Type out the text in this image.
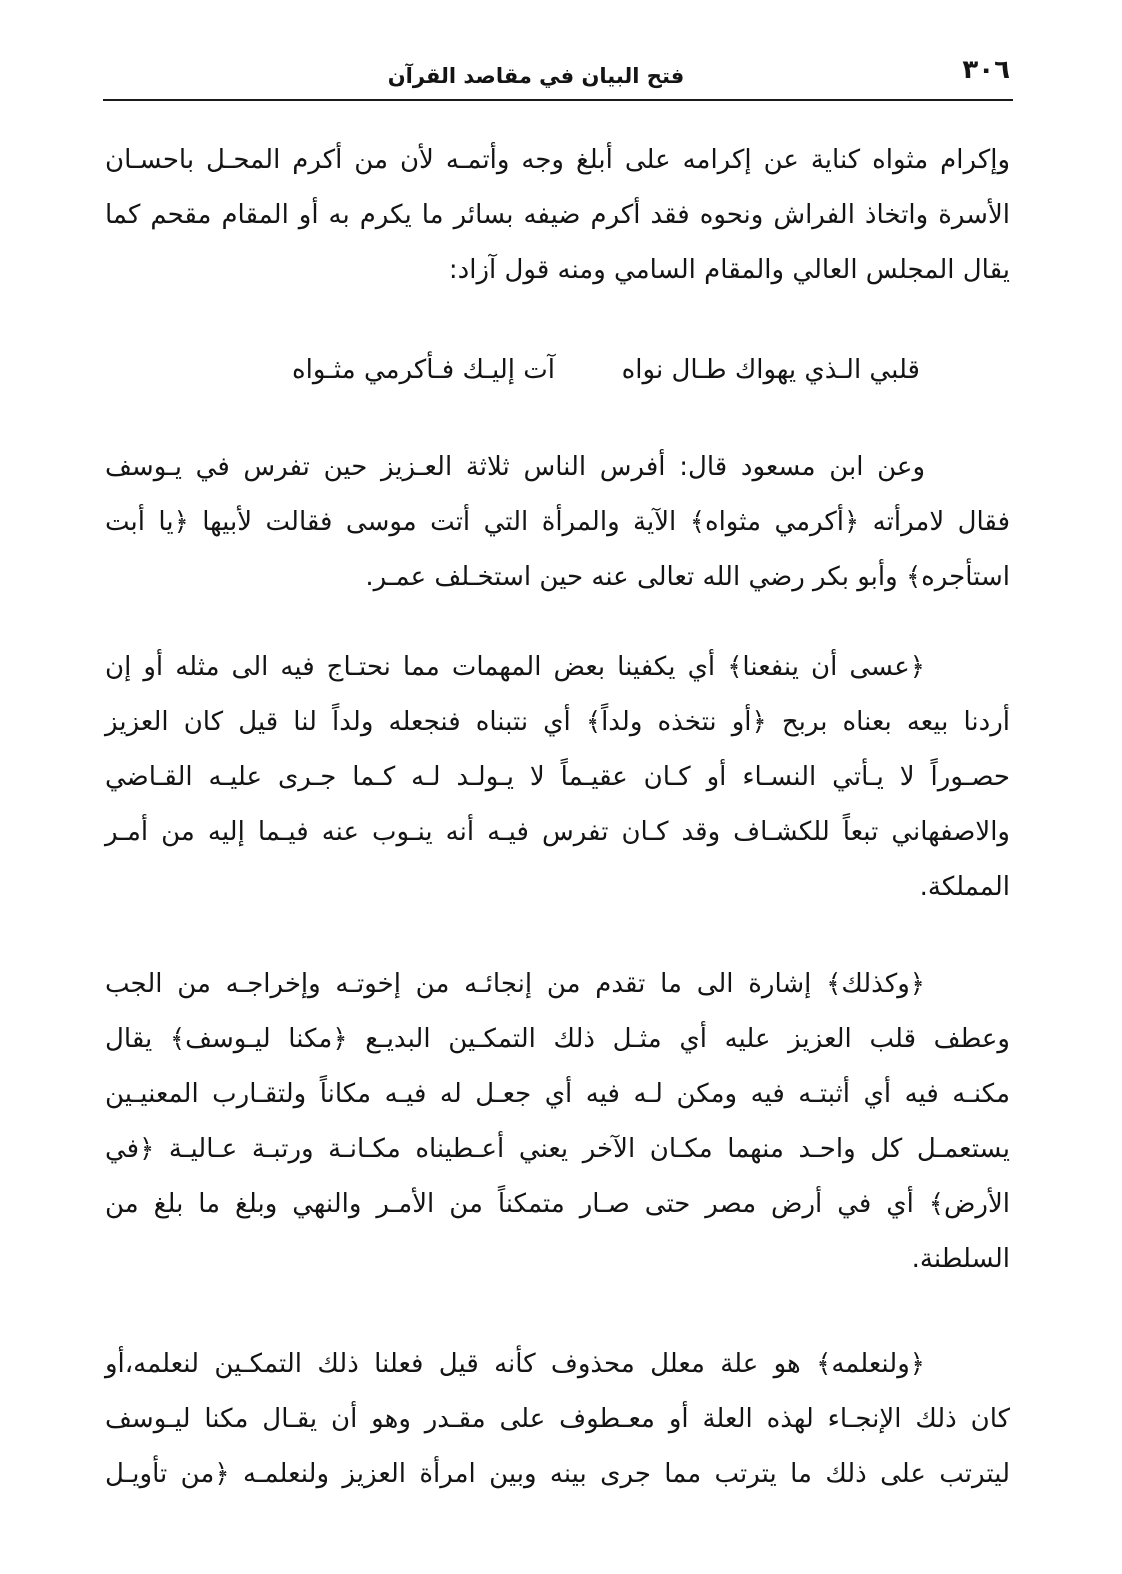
٣٠٦
فتح البيان في مقاصد القرآن
وإكرام مثواه كناية عن إكرامه على أبلغ وجه وأتمـه لأن من أكرم المحـل باحسـان
الأسرة واتخاذ الفراش ونحوه فقد أكرم ضيفه بسائر ما يكرم به أو المقام مقحم كما
يقال المجلس العالي والمقام السامي ومنه قول آزاد:
قلبي الـذي يهواك طـال نواه
آت إليـك فـأكرمي مثـواه
وعن ابن مسعود قال: أفرس الناس ثلاثة العـزيز حين تفرس في يـوسف
فقال لامرأته ﴿أكرمي مثواه﴾ الآية والمرأة التي أتت موسى فقالت لأبيها ﴿يا أبت
استأجره﴾ وأبو بكر رضي الله تعالى عنه حين استخـلف عمـر.
﴿عسى أن ينفعنا﴾ أي يكفينا بعض المهمات مما نحتـاج فيه الى مثله أو إن
أردنا بيعه بعناه بربح ﴿أو نتخذه ولداً﴾ أي نتبناه فنجعله ولداً لنا قيل كان العزيز
حصـوراً لا يـأتي النسـاء أو كـان عقيـماً لا يـولـد لـه كـما جـرى عليـه القـاضي
والاصفهاني تبعاً للكشـاف وقد كـان تفرس فيـه أنه ينـوب عنه فيـما إليه من أمـر
المملكة.
﴿وكذلك﴾ إشارة الى ما تقدم من إنجائـه من إخوتـه وإخراجـه من الجب
وعطف قلب العزيز عليه أي مثـل ذلك التمكـين البديـع ﴿مكنا ليـوسف﴾ يقال
مكنـه فيه أي أثبتـه فيه ومكن لـه فيه أي جعـل له فيـه مكاناً ولتقـارب المعنيـين
يستعمـل كل واحـد منهما مكـان الآخر يعني أعـطيناه مكـانـة ورتبـة عـاليـة ﴿في
الأرض﴾ أي في أرض مصر حتى صـار متمكناً من الأمـر والنهي وبلغ ما بلغ من
السلطنة.
﴿ولنعلمه﴾ هو علة معلل محذوف كأنه قيل فعلنا ذلك التمكـين لنعلمه،أو
كان ذلك الإنجـاء لهذه العلة أو معـطوف على مقـدر وهو أن يقـال مكنا ليـوسف
ليترتب على ذلك ما يترتب مما جرى بينه وبين امرأة العزيز ولنعلمـه ﴿من تأويـل
